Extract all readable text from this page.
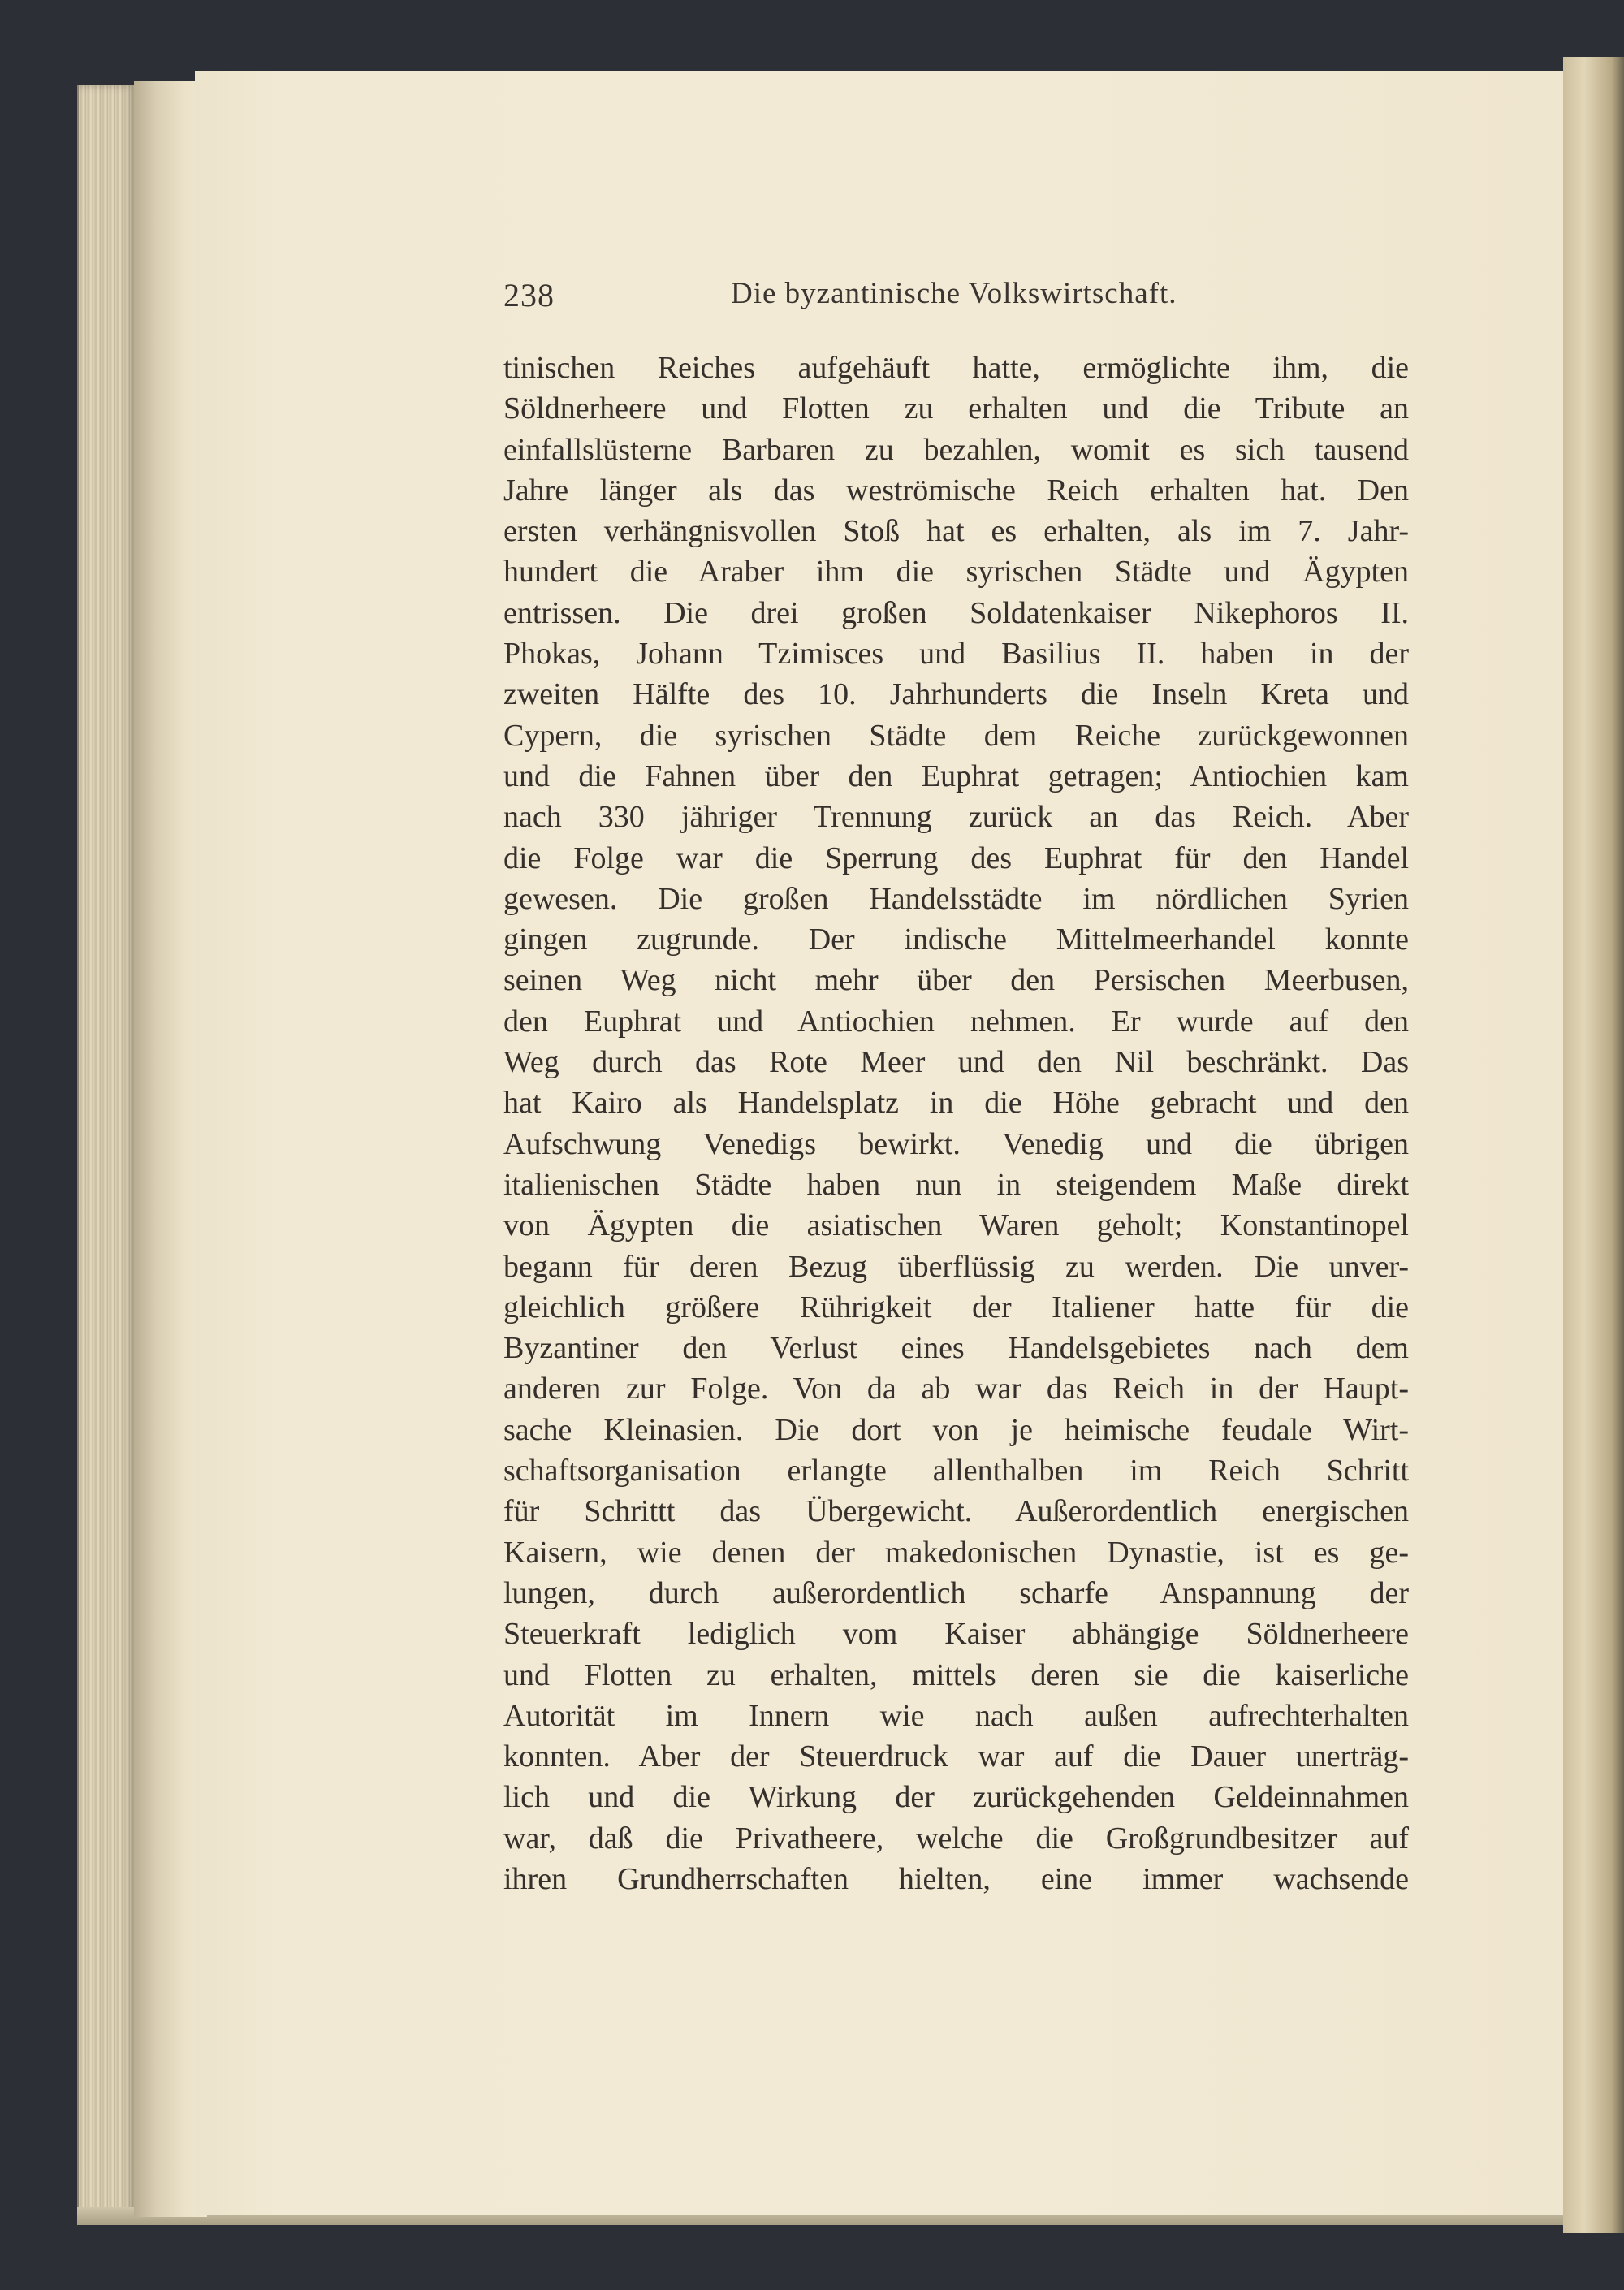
238	Die byzantinische Volkswirtschaft.
tinischen Reiches aufgehäuft hatte, ermöglichte ihm, die
Söldnerheere und Flotten zu erhalten und die Tribute an
einfallslüsterne Barbaren zu bezahlen, womit es sich tausend
Jahre länger als das weströmische Reich erhalten hat. Den
ersten verhängnisvollen Stoß hat es erhalten, als im 7. Jahr-
hundert die Araber ihm die syrischen Städte und Ägypten
entrissen. Die drei großen Soldatenkaiser Nikephoros II.
Phokas, Johann Tzimisces und Basilius II. haben in der
zweiten Hälfte des 10. Jahrhunderts die Inseln Kreta und
Cypern, die syrischen Städte dem Reiche zurückgewonnen
und die Fahnen über den Euphrat getragen; Antiochien kam
nach 330 jähriger Trennung zurück an das Reich. Aber
die Folge war die Sperrung des Euphrat für den Handel
gewesen. Die großen Handelsstädte im nördlichen Syrien
gingen zugrunde. Der indische Mittelmeerhandel konnte
seinen Weg nicht mehr über den Persischen Meerbusen,
den Euphrat und Antiochien nehmen. Er wurde auf den
Weg durch das Rote Meer und den Nil beschränkt. Das
hat Kairo als Handelsplatz in die Höhe gebracht und den
Aufschwung Venedigs bewirkt. Venedig und die übrigen
italienischen Städte haben nun in steigendem Maße direkt
von Ägypten die asiatischen Waren geholt; Konstantinopel
begann für deren Bezug überflüssig zu werden. Die unver-
gleichlich größere Rührigkeit der Italiener hatte für die
Byzantiner den Verlust eines Handelsgebietes nach dem
anderen zur Folge. Von da ab war das Reich in der Haupt-
sache Kleinasien. Die dort von je heimische feudale Wirt-
schaftsorganisation erlangte allenthalben im Reich Schritt
für Schrittt das Übergewicht. Außerordentlich energischen
Kaisern, wie denen der makedonischen Dynastie, ist es ge-
lungen, durch außerordentlich scharfe Anspannung der
Steuerkraft lediglich vom Kaiser abhängige Söldnerheere
und Flotten zu erhalten, mittels deren sie die kaiserliche
Autorität im Innern wie nach außen aufrechterhalten
konnten. Aber der Steuerdruck war auf die Dauer unerträg-
lich und die Wirkung der zurückgehenden Geldeinnahmen
war, daß die Privatheere, welche die Großgrundbesitzer auf
ihren Grundherrschaften hielten, eine immer wachsende
